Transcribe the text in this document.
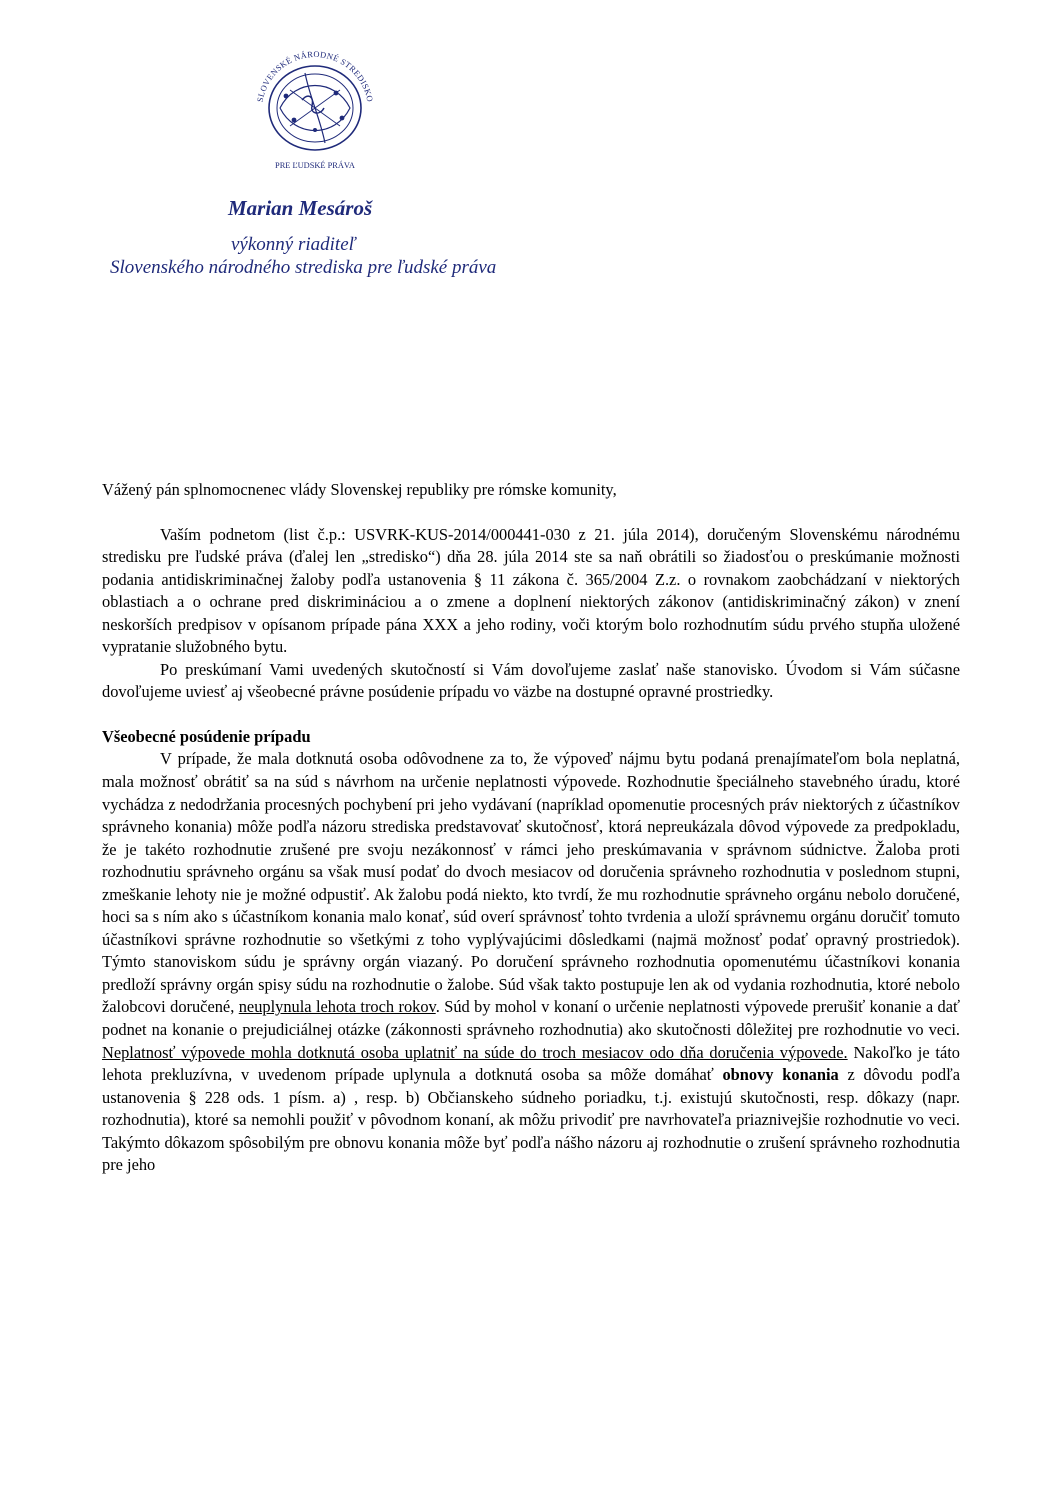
SLOVENSKÉ NÁRODNÉ STREDISKO
PRE ĽUDSKÉ PRÁVA
Marian Mesároš
výkonný riaditeľ
Slovenského národného strediska pre ľudské práva

Vážený pán splnomocnenec vlády Slovenskej republiky pre rómske komunity,

Vaším podnetom (list č.p.: USVRK-KUS-2014/000441-030 z 21. júla 2014), doručeným Slovenskému národnému stredisku pre ľudské práva (ďalej len „stredisko“) dňa 28. júla 2014 ste sa naň obrátili so žiadosťou o preskúmanie možnosti podania antidiskriminačnej žaloby podľa ustanovenia § 11 zákona č. 365/2004 Z.z. o rovnakom zaobchádzaní v niektorých oblastiach a o ochrane pred diskrimináciou a o zmene a doplnení niektorých zákonov (antidiskriminačný zákon) v znení neskorších predpisov v opísanom prípade pána XXX a jeho rodiny, voči ktorým bolo rozhodnutím súdu prvého stupňa uložené vypratanie služobného bytu.

Po preskúmaní Vami uvedených skutočností si Vám dovoľujeme zaslať naše stanovisko. Úvodom si Vám súčasne dovoľujeme uviesť aj všeobecné právne posúdenie prípadu vo väzbe na dostupné opravné prostriedky.

Všeobecné posúdenie prípadu

V prípade, že mala dotknutá osoba odôvodnene za to, že výpoveď nájmu bytu podaná prenajímateľom bola neplatná, mala možnosť obrátiť sa na súd s návrhom na určenie neplatnosti výpovede. Rozhodnutie špeciálneho stavebného úradu, ktoré vychádza z nedodržania procesných pochybení pri jeho vydávaní (napríklad opomenutie procesných práv niektorých z účastníkov správneho konania) môže podľa názoru strediska predstavovať skutočnosť, ktorá nepreukázala dôvod výpovede za predpokladu, že je takéto rozhodnutie zrušené pre svoju nezákonnosť v rámci jeho preskúmavania v správnom súdnictve. Žaloba proti rozhodnutiu správneho orgánu sa však musí podať do dvoch mesiacov od doručenia správneho rozhodnutia v poslednom stupni, zmeškanie lehoty nie je možné odpustiť. Ak žalobu podá niekto, kto tvrdí, že mu rozhodnutie správneho orgánu nebolo doručené, hoci sa s ním ako s účastníkom konania malo konať, súd overí správnosť tohto tvrdenia a uloží správnemu orgánu doručiť tomuto účastníkovi správne rozhodnutie so všetkými z toho vyplývajúcimi dôsledkami (najmä možnosť podať opravný prostriedok). Týmto stanoviskom súdu je správny orgán viazaný. Po doručení správneho rozhodnutia opomenutému účastníkovi konania predloží správny orgán spisy súdu na rozhodnutie o žalobe. Súd však takto postupuje len ak od vydania rozhodnutia, ktoré nebolo žalobcovi doručené, neuplynula lehota troch rokov. Súd by mohol v konaní o určenie neplatnosti výpovede prerušiť konanie a dať podnet na konanie o prejudiciálnej otázke (zákonnosti správneho rozhodnutia) ako skutočnosti dôležitej pre rozhodnutie vo veci. Neplatnosť výpovede mohla dotknutá osoba uplatniť na súde do troch mesiacov odo dňa doručenia výpovede. Nakoľko je táto lehota prekluzívna, v uvedenom prípade uplynula a dotknutá osoba sa môže domáhať obnovy konania z dôvodu podľa ustanovenia § 228 ods. 1 písm. a) , resp. b) Občianskeho súdneho poriadku, t.j. existujú skutočnosti, resp. dôkazy (napr. rozhodnutia), ktoré sa nemohli použiť v pôvodnom konaní, ak môžu privodiť pre navrhovateľa priaznivejšie rozhodnutie vo veci. Takýmto dôkazom spôsobilým pre obnovu konania môže byť podľa nášho názoru aj rozhodnutie o zrušení správneho rozhodnutia pre jeho
